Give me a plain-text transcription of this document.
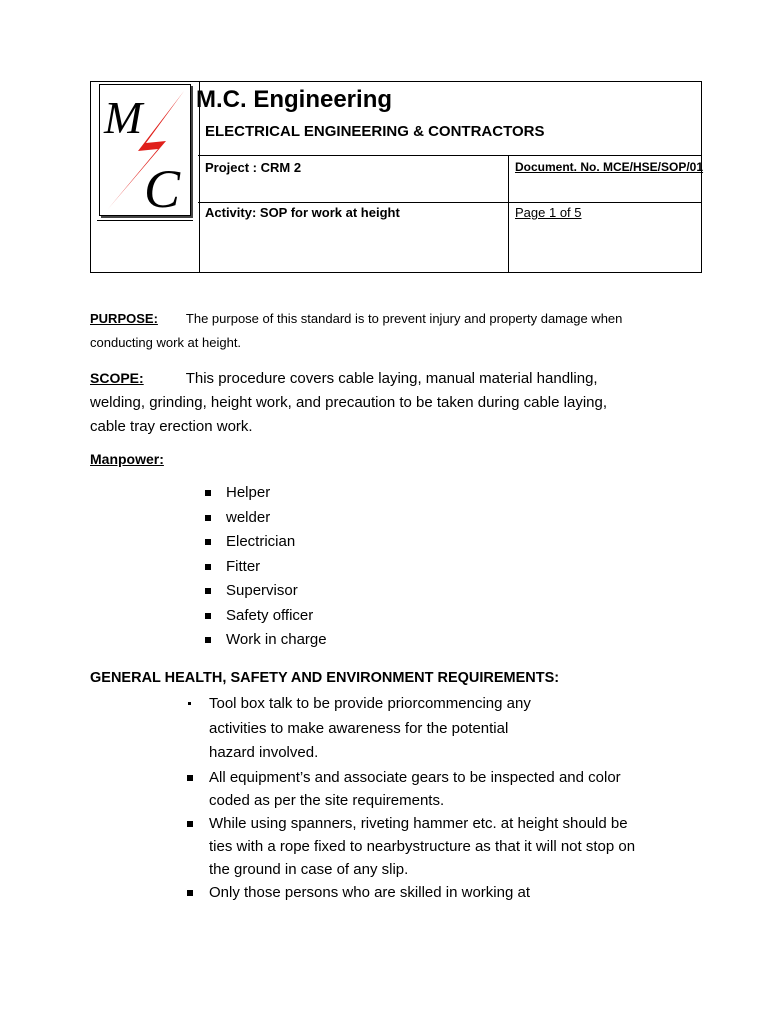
M
C
M.C. Engineering
ELECTRICAL ENGINEERING & CONTRACTORS
Project : CRM 2	Document. No. MCE/HSE/SOP/01
Activity: SOP for work at height	Page 1 of 5
PURPOSE: The purpose of this standard is to prevent injury and property damage when
conducting work at height.
SCOPE:	This procedure covers cable laying, manual material handling,
welding, grinding, height work, and precaution to be taken during cable laying,
cable tray erection work.
Manpower:
Helper
welder
Electrician
Fitter
Supervisor
Safety officer
Work in charge
GENERAL HEALTH, SAFETY AND ENVIRONMENT REQUIREMENTS:
Tool box talk to be provide priorcommencing any
activities to make awareness for the potential
hazard involved.
All equipment’s and associate gears to be inspected and color
coded as per the site requirements.
While using spanners, riveting hammer etc. at height should be
ties with a rope fixed to nearbystructure as that it will not stop on
the ground in case of any slip.
Only those persons who are skilled in working at
